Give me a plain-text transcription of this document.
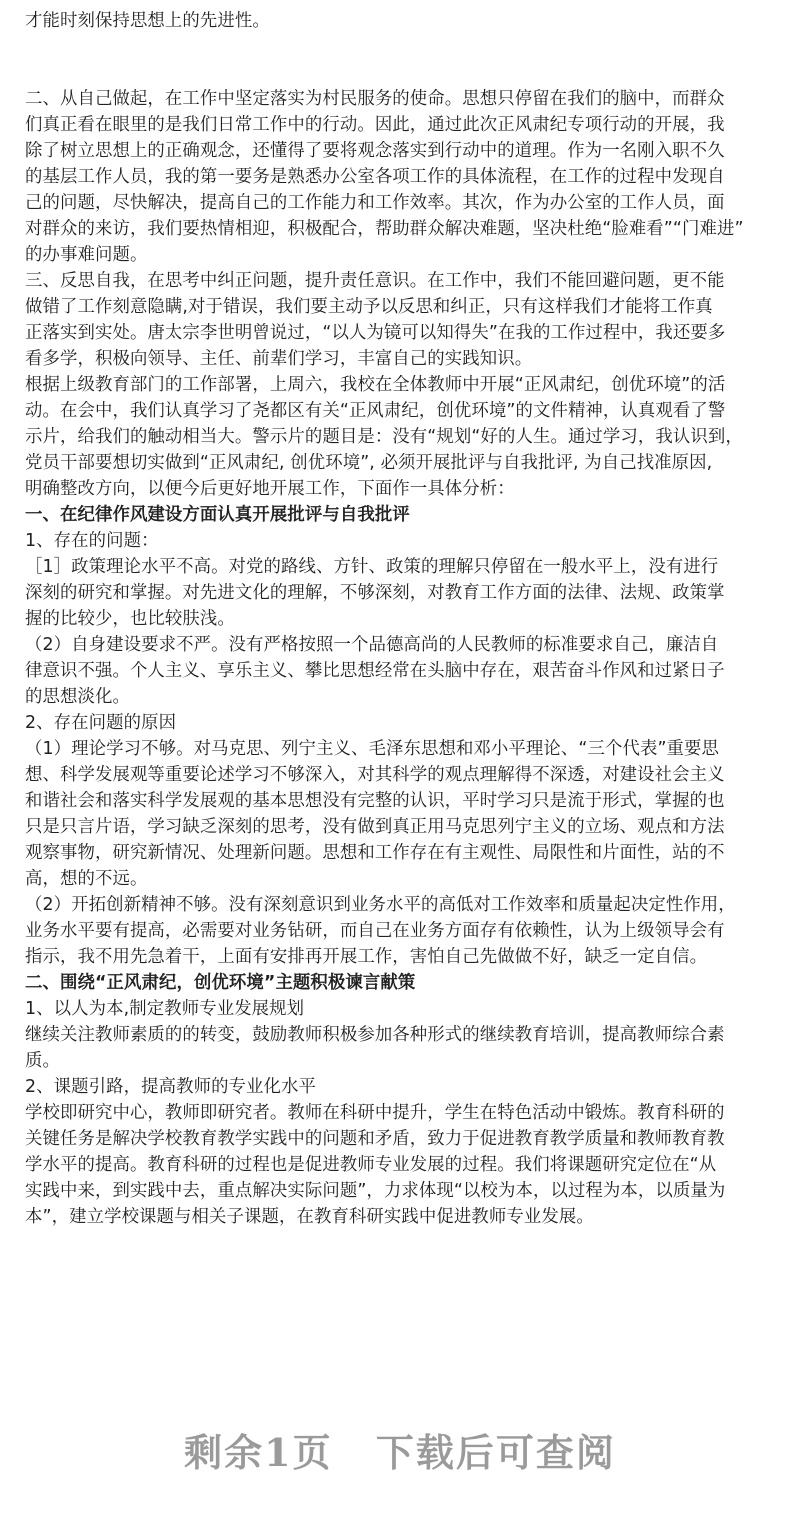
才能时刻保持思想上的先进性。
二、从自己做起，在工作中坚定落实为村民服务的使命。思想只停留在我们的脑中，而群众
们真正看在眼里的是我们日常工作中的行动。因此，通过此次正风肃纪专项行动的开展，我
除了树立思想上的正确观念，还懂得了要将观念落实到行动中的道理。作为一名刚入职不久
的基层工作人员，我的第一要务是熟悉办公室各项工作的具体流程，在工作的过程中发现自
己的问题，尽快解决，提高自己的工作能力和工作效率。其次，作为办公室的工作人员，面
对群众的来访，我们要热情相迎，积极配合，帮助群众解决难题，坚决杜绝“脸难看”“门难进”
的办事难问题。
三、反思自我，在思考中纠正问题，提升责任意识。在工作中，我们不能回避问题，更不能
做错了工作刻意隐瞒,对于错误，我们要主动予以反思和纠正，只有这样我们才能将工作真
正落实到实处。唐太宗李世明曾说过，“以人为镜可以知得失”在我的工作过程中，我还要多
看多学，积极向领导、主任、前辈们学习，丰富自己的实践知识。
根据上级教育部门的工作部署，上周六，我校在全体教师中开展“正风肃纪，创优环境”的活
动。在会中，我们认真学习了尧都区有关“正风肃纪，创优环境”的文件精神，认真观看了警
示片，给我们的触动相当大。警示片的题目是：没有“规划“好的人生。通过学习，我认识到，
党员干部要想切实做到“正风肃纪, 创优环境”, 必须开展批评与自我批评, 为自己找准原因,
明确整改方向，以便今后更好地开展工作，下面作一具体分析：
一、在纪律作风建设方面认真开展批评与自我批评
1、存在的问题：
［1］政策理论水平不高。对党的路线、方针、政策的理解只停留在一般水平上，没有进行
深刻的研究和掌握。对先进文化的理解，不够深刻，对教育工作方面的法律、法规、政策掌
握的比较少，也比较肤浅。
（2）自身建设要求不严。没有严格按照一个品德高尚的人民教师的标准要求自己，廉洁自
律意识不强。个人主义、享乐主义、攀比思想经常在头脑中存在，艰苦奋斗作风和过紧日子
的思想淡化。
2、存在问题的原因
（1）理论学习不够。对马克思、列宁主义、毛泽东思想和邓小平理论、“三个代表”重要思
想、科学发展观等重要论述学习不够深入，对其科学的观点理解得不深透，对建设社会主义
和谐社会和落实科学发展观的基本思想没有完整的认识，平时学习只是流于形式，掌握的也
只是只言片语，学习缺乏深刻的思考，没有做到真正用马克思列宁主义的立场、观点和方法
观察事物，研究新情况、处理新问题。思想和工作存在有主观性、局限性和片面性，站的不
高，想的不远。
（2）开拓创新精神不够。没有深刻意识到业务水平的高低对工作效率和质量起决定性作用，
业务水平要有提高，必需要对业务钻研，而自己在业务方面存有依赖性，认为上级领导会有
指示，我不用先急着干，上面有安排再开展工作，害怕自己先做做不好，缺乏一定自信。
二、围绕“正风肃纪，创优环境”主题积极谏言献策
1、以人为本,制定教师专业发展规划
继续关注教师素质的的转变，鼓励教师积极参加各种形式的继续教育培训，提高教师综合素
质。
2、课题引路，提高教师的专业化水平
学校即研究中心，教师即研究者。教师在科研中提升，学生在特色活动中锻炼。教育科研的
关键任务是解决学校教育教学实践中的问题和矛盾，致力于促进教育教学质量和教师教育教
学水平的提高。教育科研的过程也是促进教师专业发展的过程。我们将课题研究定位在“从
实践中来，到实践中去，重点解决实际问题”，力求体现“以校为本，以过程为本，以质量为
本”，建立学校课题与相关子课题，在教育科研实践中促进教师专业发展。
剩余1页 下载后可查阅
